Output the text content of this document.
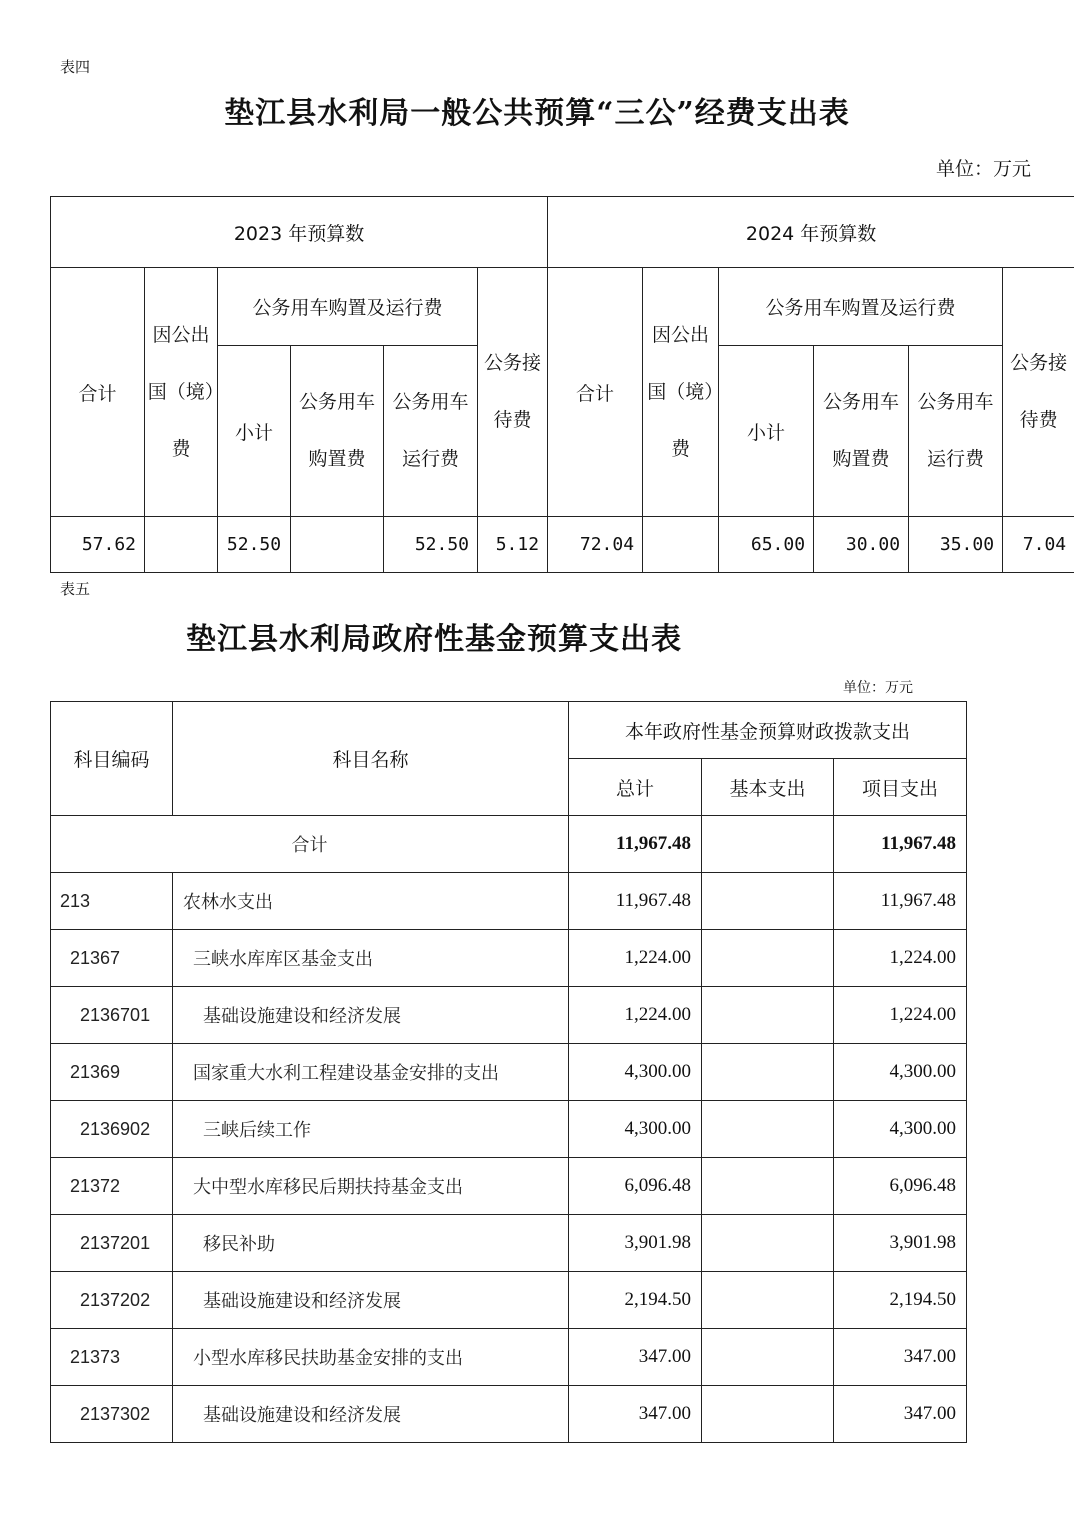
表四
垫江县水利局一般公共预算“三公”经费支出表
单位：万元
2023 年预算数						2024 年预算数					
合计	因公出国（境）费	公务用车购置及运行费			公务接待费	合计	因公出国（境）费	公务用车购置及运行费			公务接待费
		小计	公务用车购置费	公务用车运行费				小计	公务用车购置费	公务用车运行费	
57.62		52.50		52.50	5.12	72.04		65.00	30.00	35.00	7.04
表五
垫江县水利局政府性基金预算支出表
单位：万元
科目编码	科目名称	本年政府性基金预算财政拨款支出		
		总计	基本支出	项目支出
合计		11,967.48		11,967.48
213	农林水支出	11,967.48		11,967.48
21367	三峡水库库区基金支出	1,224.00		1,224.00
2136701	基础设施建设和经济发展	1,224.00		1,224.00
21369	国家重大水利工程建设基金安排的支出	4,300.00		4,300.00
2136902	三峡后续工作	4,300.00		4,300.00
21372	大中型水库移民后期扶持基金支出	6,096.48		6,096.48
2137201	移民补助	3,901.98		3,901.98
2137202	基础设施建设和经济发展	2,194.50		2,194.50
21373	小型水库移民扶助基金安排的支出	347.00		347.00
2137302	基础设施建设和经济发展	347.00		347.00
